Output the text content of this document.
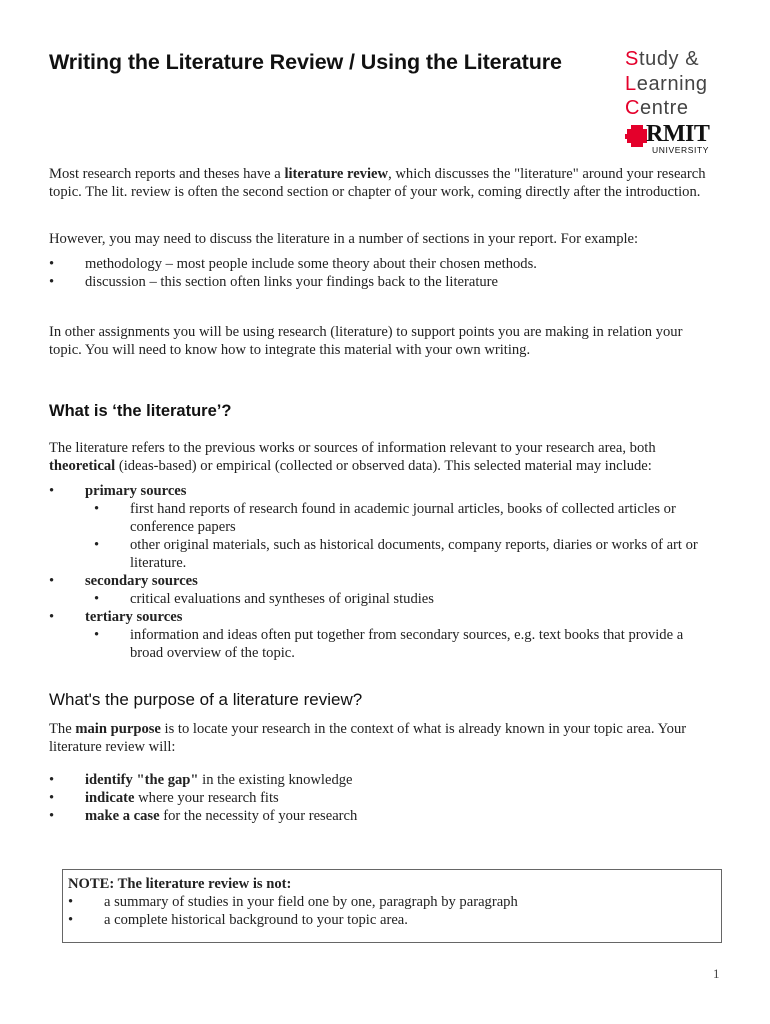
Writing the Literature Review / Using the Literature	Study &
Learning
Centre
RMIT
UNIVERSITY

Most research reports and theses have a literature review, which discusses the "literature" around your research topic. The lit. review is often the second section or chapter of your work, coming directly after the introduction.

However, you may need to discuss the literature in a number of sections in your report. For example:

• methodology – most people include some theory about their chosen methods.
• discussion – this section often links your findings back to the literature

In other assignments you will be using research (literature) to support points you are making in relation your topic. You will need to know how to integrate this material with your own writing.

What is ‘the literature’?

The literature refers to the previous works or sources of information relevant to your research area, both
theoretical (ideas-based) or empirical (collected or observed data). This selected material may include:

• primary sources
• first hand reports of research found in academic journal articles, books of collected articles or conference papers
• other original materials, such as historical documents, company reports, diaries or works of art or literature.
• secondary sources
• critical evaluations and syntheses of original studies
• tertiary sources
• information and ideas often put together from secondary sources, e.g. text books that provide a broad overview of the topic.
What's the purpose of a literature review?

The main purpose is to locate your research in the context of what is already known in your topic area. Your literature review will:

• identify "the gap" in the existing knowledge
• indicate where your research fits
• make a case for the necessity of your research
NOTE: The literature review is not:
• a summary of studies in your field one by one, paragraph by paragraph
• a complete historical background to your topic area.
1
